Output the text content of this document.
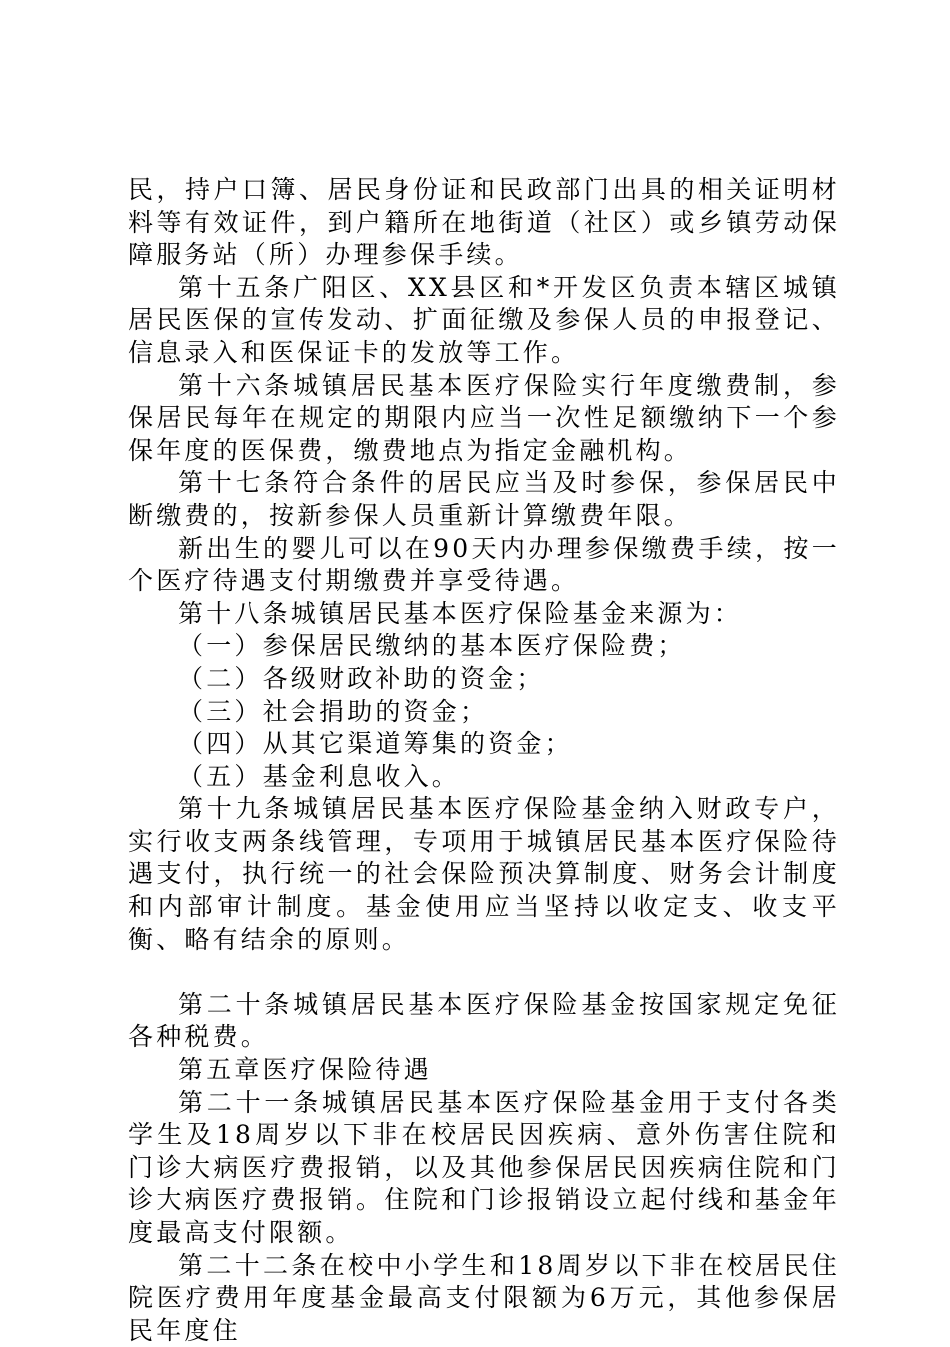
民，持户口簿、居民身份证和民政部门出具的相关证明材料等有效证件，到户籍所在地街道（社区）或乡镇劳动保障服务站（所）办理参保手续。

第十五条广阳区、XX县区和*开发区负责本辖区城镇居民医保的宣传发动、扩面征缴及参保人员的申报登记、信息录入和医保证卡的发放等工作。

第十六条城镇居民基本医疗保险实行年度缴费制，参保居民每年在规定的期限内应当一次性足额缴纳下一个参保年度的医保费，缴费地点为指定金融机构。

第十七条符合条件的居民应当及时参保，参保居民中断缴费的，按新参保人员重新计算缴费年限。

新出生的婴儿可以在90天内办理参保缴费手续，按一个医疗待遇支付期缴费并享受待遇。

第十八条城镇居民基本医疗保险基金来源为：

（一）参保居民缴纳的基本医疗保险费；

（二）各级财政补助的资金；

（三）社会捐助的资金；

（四）从其它渠道筹集的资金；

（五）基金利息收入。

第十九条城镇居民基本医疗保险基金纳入财政专户，实行收支两条线管理，专项用于城镇居民基本医疗保险待遇支付，执行统一的社会保险预决算制度、财务会计制度和内部审计制度。基金使用应当坚持以收定支、收支平衡、略有结余的原则。

第二十条城镇居民基本医疗保险基金按国家规定免征各种税费。

第五章医疗保险待遇

第二十一条城镇居民基本医疗保险基金用于支付各类学生及18周岁以下非在校居民因疾病、意外伤害住院和门诊大病医疗费报销，以及其他参保居民因疾病住院和门诊大病医疗费报销。住院和门诊报销设立起付线和基金年度最高支付限额。

第二十二条在校中小学生和18周岁以下非在校居民住院医疗费用年度基金最高支付限额为6万元，其他参保居民年度住
